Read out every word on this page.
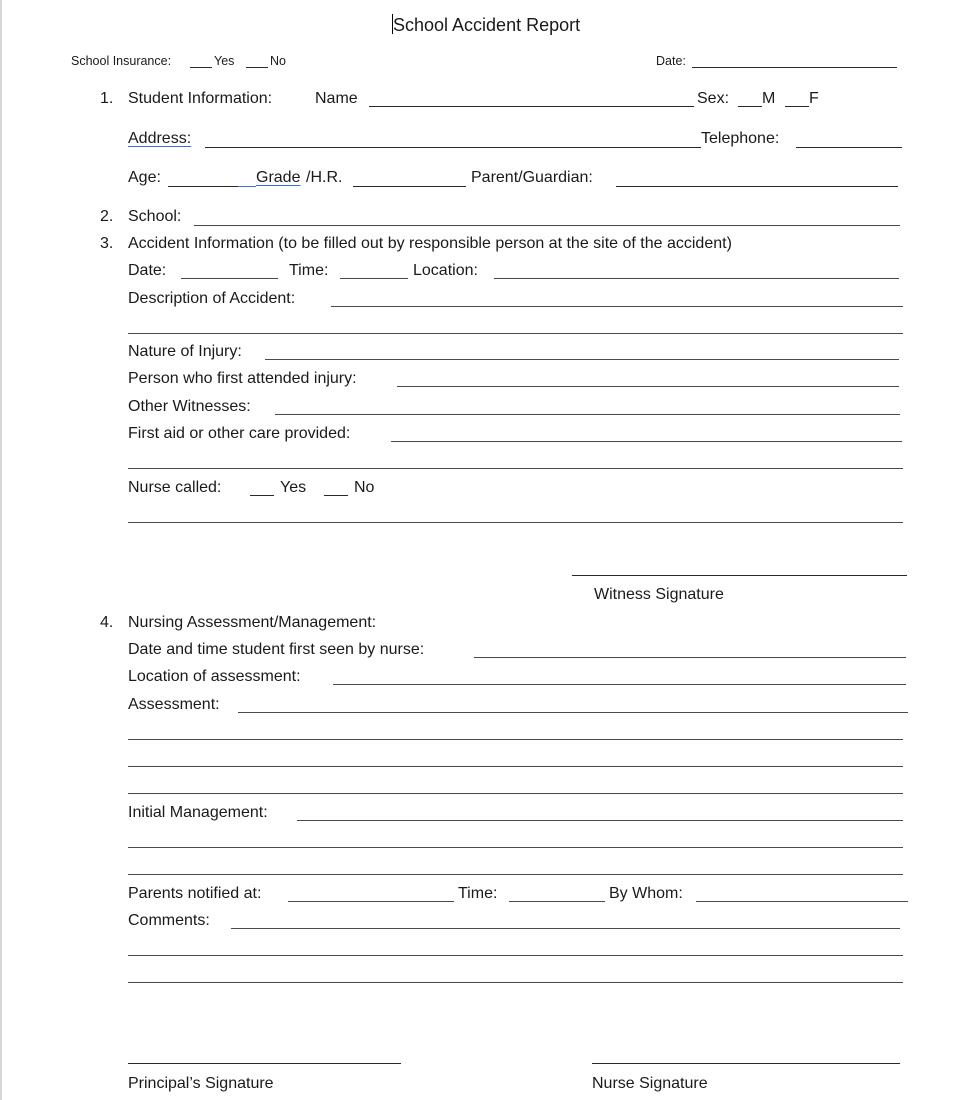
School Accident Report
School Insurance:	Yes	No	Date:
1. Student Information:	Name	Sex: M F
Address:	Telephone:
Age:	Grade /H.R.	Parent/Guardian:
2. School:
3. Accident Information (to be filled out by responsible person at the site of the accident)
Date:	Time:	Location:
Description of Accident:
Nature of Injury:
Person who first attended injury:
Other Witnesses:
First aid or other care provided:
Nurse called:	Yes	No
Witness Signature
4. Nursing Assessment/Management:
Date and time student first seen by nurse:
Location of assessment:
Assessment:
Initial Management:
Parents notified at:	Time:	By Whom:
Comments:
Principal’s Signature	Nurse Signature
